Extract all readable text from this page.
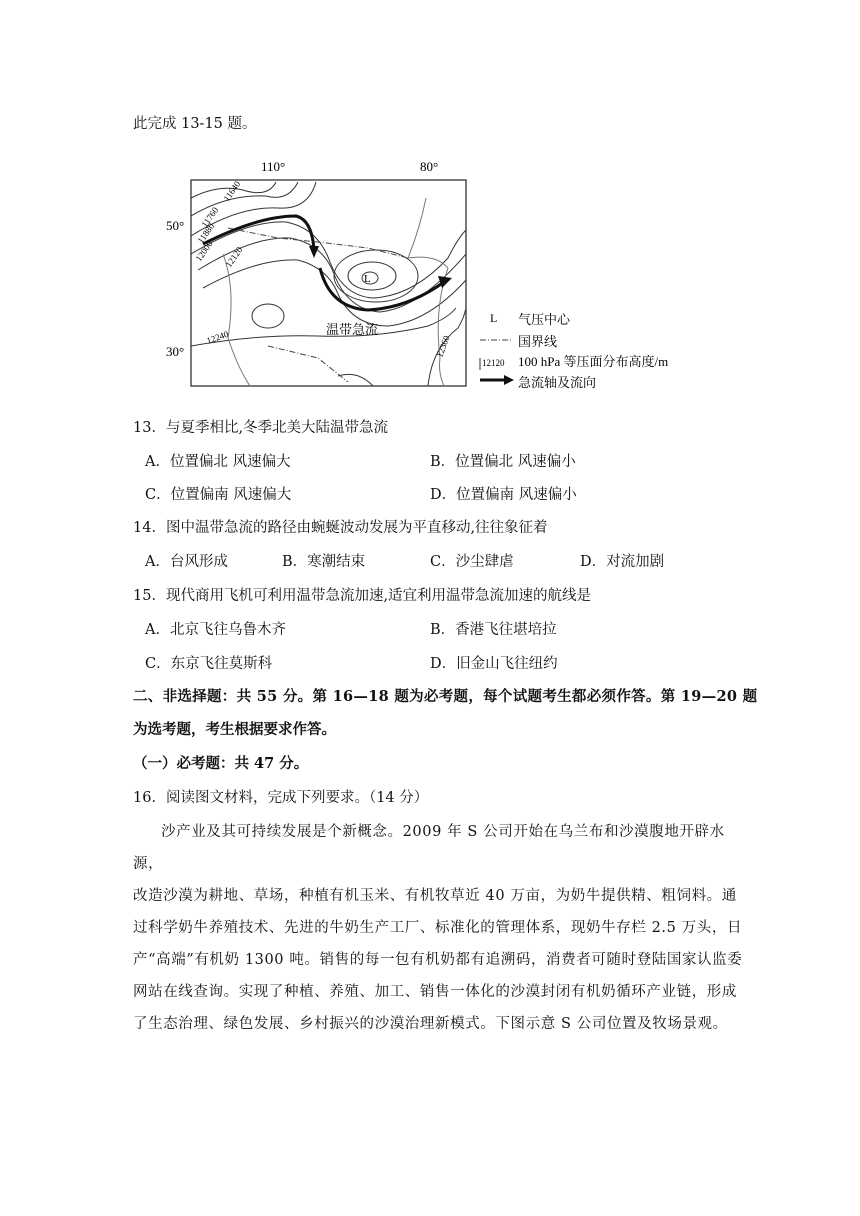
此完成 13-15 题。
110°	80°
50°
30°
11640
11760
11880
12000 12120
12240	12360
L
温带急流
L 气压中心
国界线
12120 100 hPa 等压面分布高度/m
急流轴及流向
13．与夏季相比,冬季北美大陆温带急流
A．位置偏北 风速偏大	B．位置偏北 风速偏小
C．位置偏南 风速偏大	D．位置偏南 风速偏小
14．图中温带急流的路径由蜿蜒波动发展为平直移动,往往象征着
A．台风形成	B．寒潮结束	C．沙尘肆虐	D．对流加剧
15．现代商用飞机可利用温带急流加速,适宜利用温带急流加速的航线是
A．北京飞往乌鲁木齐	B．香港飞往堪培拉
C．东京飞往莫斯科	D．旧金山飞往纽约
二、非选择题：共 55 分。第 16—18 题为必考题，每个试题考生都必须作答。第 19—20 题
为选考题，考生根据要求作答。
（一）必考题：共 47 分。
16．阅读图文材料，完成下列要求。（14 分）

沙产业及其可持续发展是个新概念。2009 年 S 公司开始在乌兰布和沙漠腹地开辟水源，

改造沙漠为耕地、草场，种植有机玉米、有机牧草近 40 万亩，为奶牛提供精、粗饲料。通

过科学奶牛养殖技术、先进的牛奶生产工厂、标准化的管理体系，现奶牛存栏 2.5 万头，日

产“高端”有机奶 1300 吨。销售的每一包有机奶都有追溯码，消费者可随时登陆国家认监委

网站在线查询。实现了种植、养殖、加工、销售一体化的沙漠封闭有机奶循环产业链，形成

了生态治理、绿色发展、乡村振兴的沙漠治理新模式。下图示意 S 公司位置及牧场景观。
